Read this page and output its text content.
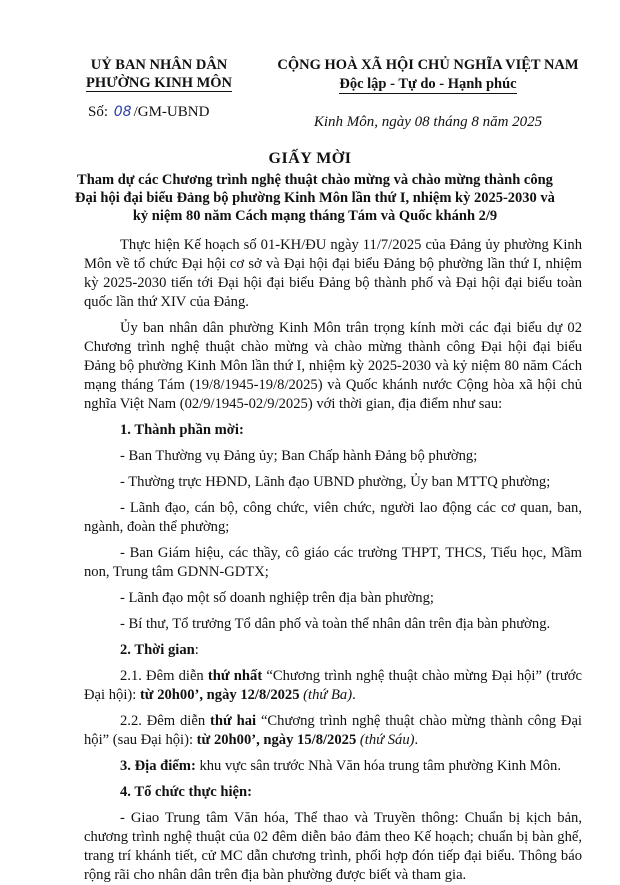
UỶ BAN NHÂN DÂN
PHƯỜNG KINH MÔN
Số: 08 /GM-UBND
CỘNG HOÀ XÃ HỘI CHỦ NGHĨA VIỆT NAM
Độc lập - Tự do - Hạnh phúc
Kinh Môn, ngày 08 tháng 8 năm 2025
GIẤY MỜI
Tham dự các Chương trình nghệ thuật chào mừng và chào mừng thành công Đại hội đại biểu Đảng bộ phường Kinh Môn lần thứ I, nhiệm kỳ 2025-2030 và kỷ niệm 80 năm Cách mạng tháng Tám và Quốc khánh 2/9

Thực hiện Kế hoạch số 01-KH/ĐU ngày 11/7/2025 của Đảng ủy phường Kinh Môn về tổ chức Đại hội cơ sở và Đại hội đại biểu Đảng bộ phường lần thứ I, nhiệm kỳ 2025-2030 tiến tới Đại hội đại biểu Đảng bộ thành phố và Đại hội đại biểu toàn quốc lần thứ XIV của Đảng.

Ủy ban nhân dân phường Kinh Môn trân trọng kính mời các đại biểu dự 02 Chương trình nghệ thuật chào mừng và chào mừng thành công Đại hội đại biểu Đảng bộ phường Kinh Môn lần thứ I, nhiệm kỳ 2025-2030 và kỷ niệm 80 năm Cách mạng tháng Tám (19/8/1945-19/8/2025) và Quốc khánh nước Cộng hòa xã hội chủ nghĩa Việt Nam (02/9/1945-02/9/2025) với thời gian, địa điểm như sau:

1. Thành phần mời:

- Ban Thường vụ Đảng ủy; Ban Chấp hành Đảng bộ phường;

- Thường trực HĐND, Lãnh đạo UBND phường, Ủy ban MTTQ phường;

- Lãnh đạo, cán bộ, công chức, viên chức, người lao động các cơ quan, ban, ngành, đoàn thể phường;

- Ban Giám hiệu, các thầy, cô giáo các trường THPT, THCS, Tiểu học, Mầm non, Trung tâm GDNN-GDTX;

- Lãnh đạo một số doanh nghiệp trên địa bàn phường;

- Bí thư, Tổ trưởng Tổ dân phố và toàn thể nhân dân trên địa bàn phường.

2. Thời gian:

2.1. Đêm diễn thứ nhất “Chương trình nghệ thuật chào mừng Đại hội” (trước Đại hội): từ 20h00’, ngày 12/8/2025 (thứ Ba).

2.2. Đêm diễn thứ hai “Chương trình nghệ thuật chào mừng thành công Đại hội” (sau Đại hội): từ 20h00’, ngày 15/8/2025 (thứ Sáu).

3. Địa điểm: khu vực sân trước Nhà Văn hóa trung tâm phường Kinh Môn.

4. Tổ chức thực hiện:

- Giao Trung tâm Văn hóa, Thể thao và Truyền thông: Chuẩn bị kịch bản, chương trình nghệ thuật của 02 đêm diễn bảo đảm theo Kế hoạch; chuẩn bị bàn ghế, trang trí khánh tiết, cử MC dẫn chương trình, phối hợp đón tiếp đại biểu. Thông báo rộng rãi cho nhân dân trên địa bàn phường được biết và tham gia.
